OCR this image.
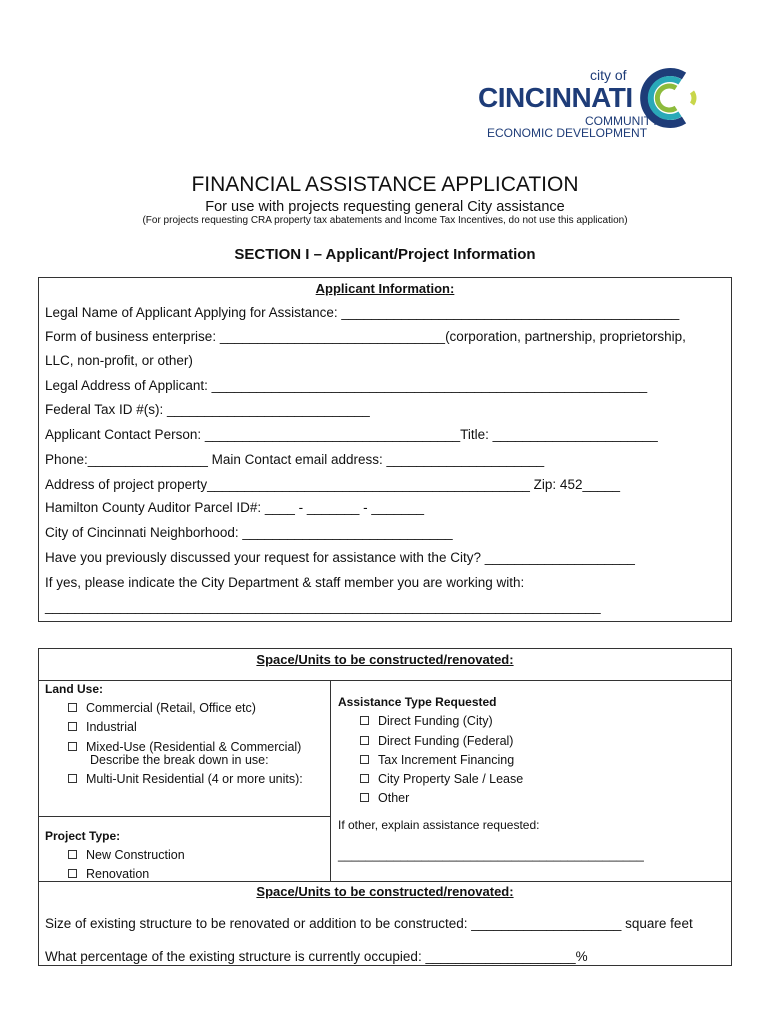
city of
CINCINNATI
COMMUNITY &
ECONOMIC DEVELOPMENT
FINANCIAL ASSISTANCE APPLICATION
For use with projects requesting general City assistance
(For projects requesting CRA property tax abatements and Income Tax Incentives, do not use this application)
SECTION I – Applicant/Project Information
Applicant Information:
Legal Name of Applicant Applying for Assistance: _____________________________________________
Form of business enterprise: ______________________________(corporation, partnership, proprietorship,
LLC, non-profit, or other)
Legal Address of Applicant: __________________________________________________________
Federal Tax ID #(s): ___________________________
Applicant Contact Person: __________________________________Title: ______________________
Phone:________________ Main Contact email address: _____________________
Address of project property___________________________________________ Zip: 452_____
Hamilton County Auditor Parcel ID#: ____ - _______ - _______
City of Cincinnati Neighborhood: ____________________________
Have you previously discussed your request for assistance with the City? ____________________
If yes, please indicate the City Department & staff member you are working with:
__________________________________________________________________________
Space/Units to be constructed/renovated:
Land Use:
Commercial (Retail, Office etc)
Industrial
Mixed-Use (Residential & Commercial)
Describe the break down in use:
Multi-Unit Residential (4 or more units):
Assistance Type Requested
Direct Funding (City)
Direct Funding (Federal)
Tax Increment Financing
City Property Sale / Lease
Other
If other, explain assistance requested:
____________________________________________
Project Type:
New Construction
Renovation
Space/Units to be constructed/renovated:
Size of existing structure to be renovated or addition to be constructed: ____________________ square feet
What percentage of the existing structure is currently occupied: ____________________%
